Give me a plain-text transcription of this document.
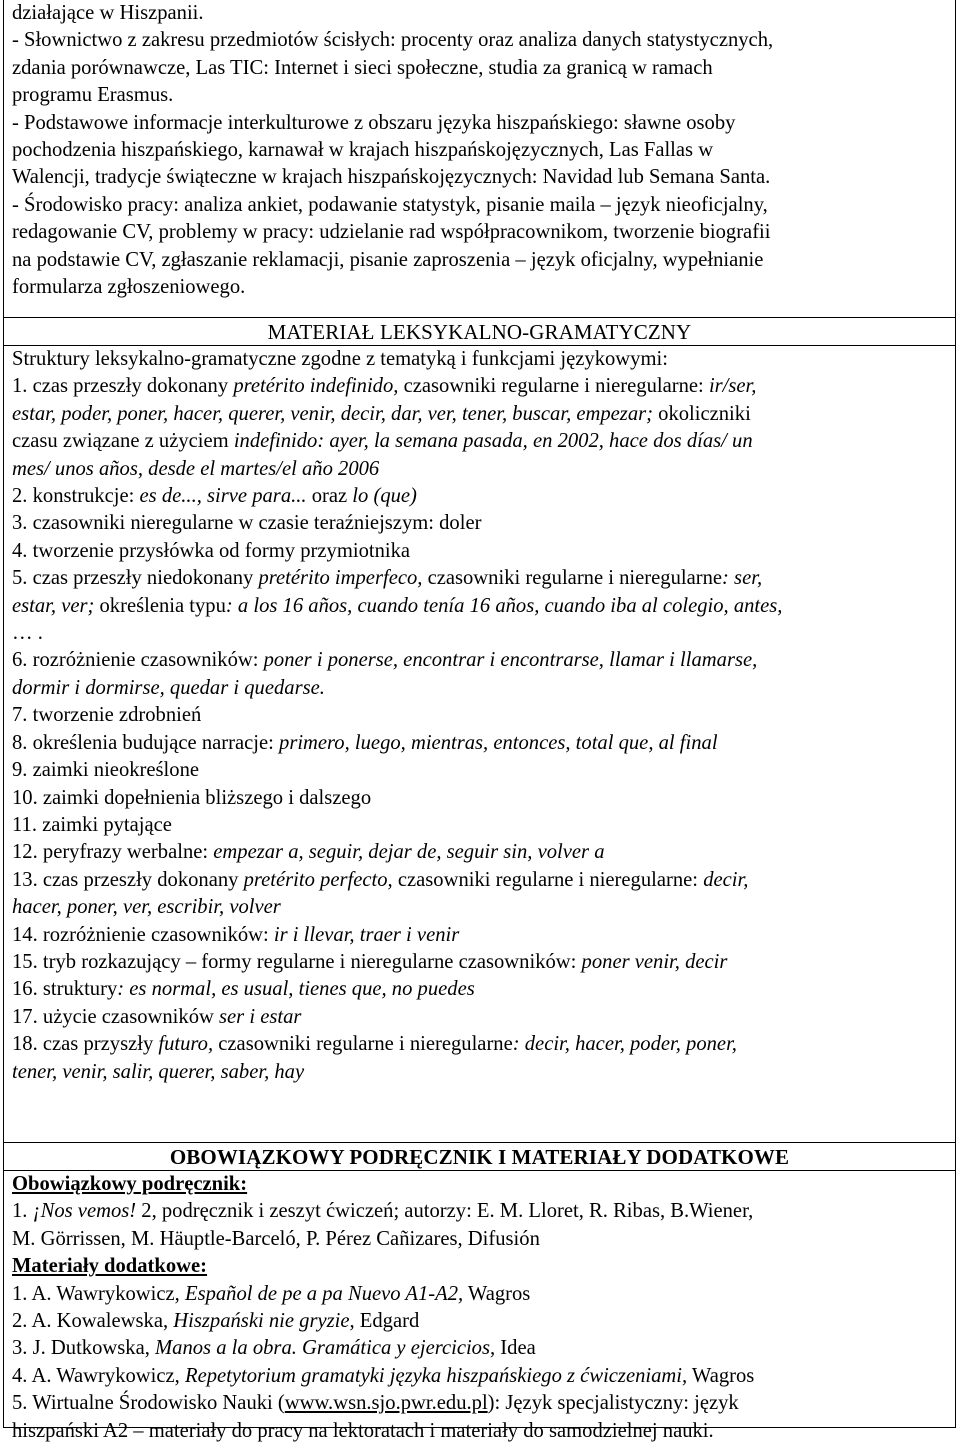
działające w Hiszpanii.
- Słownictwo z zakresu przedmiotów ścisłych: procenty oraz analiza danych statystycznych,
zdania porównawcze, Las TIC: Internet i sieci społeczne, studia za granicą w ramach
programu Erasmus.
- Podstawowe informacje interkulturowe z obszaru języka hiszpańskiego: sławne osoby
pochodzenia hiszpańskiego, karnawał w krajach hiszpańskojęzycznych, Las Fallas w
Walencji, tradycje świąteczne w krajach hiszpańskojęzycznych: Navidad lub Semana Santa.
- Środowisko pracy: analiza ankiet, podawanie statystyk, pisanie maila – język nieoficjalny,
redagowanie CV, problemy w pracy: udzielanie rad współpracownikom, tworzenie biografii
na podstawie CV, zgłaszanie reklamacji, pisanie zaproszenia – język oficjalny, wypełnianie
formularza zgłoszeniowego.
MATERIAŁ LEKSYKALNO-GRAMATYCZNY
Struktury leksykalno-gramatyczne zgodne z tematyką i funkcjami językowymi:
1. czas przeszły dokonany pretérito indefinido, czasowniki regularne i nieregularne: ir/ser,
estar, poder, poner, hacer, querer, venir, decir, dar, ver, tener, buscar, empezar; okoliczniki
czasu związane z użyciem indefinido: ayer, la semana pasada, en 2002, hace dos días/ un
mes/ unos años, desde el martes/el año 2006
2. konstrukcje: es de..., sirve para... oraz lo (que)
3. czasowniki nieregularne w czasie teraźniejszym: doler
4. tworzenie przysłówka od formy przymiotnika
5. czas przeszły niedokonany pretérito imperfeco, czasowniki regularne i nieregularne: ser,
estar, ver; określenia typu: a los 16 años, cuando tenía 16 años, cuando iba al colegio, antes,
… .
6. rozróżnienie czasowników: poner i ponerse, encontrar i encontrarse, llamar i llamarse,
dormir i dormirse, quedar i quedarse.
7. tworzenie zdrobnień
8. określenia budujące narracje: primero, luego, mientras, entonces, total que, al final
9. zaimki nieokreślone
10. zaimki dopełnienia bliższego i dalszego
11. zaimki pytające
12. peryfrazy werbalne: empezar a, seguir, dejar de, seguir sin, volver a
13. czas przeszły dokonany pretérito perfecto, czasowniki regularne i nieregularne: decir,
hacer, poner, ver, escribir, volver
14. rozróżnienie czasowników: ir i llevar, traer i venir
15. tryb rozkazujący – formy regularne i nieregularne czasowników: poner venir, decir
16. struktury: es normal, es usual, tienes que, no puedes
17. użycie czasowników ser i estar
18. czas przyszły futuro, czasowniki regularne i nieregularne: decir, hacer, poder, poner,
tener, venir, salir, querer, saber, hay
OBOWIĄZKOWY PODRĘCZNIK I MATERIAŁY DODATKOWE
Obowiązkowy podręcznik:
1. ¡Nos vemos! 2, podręcznik i zeszyt ćwiczeń; autorzy: E. M. Lloret, R. Ribas, B.Wiener,
M. Görrissen, M. Häuptle-Barceló, P. Pérez Cañizares, Difusión
Materiały dodatkowe:
1. A. Wawrykowicz, Español de pe a pa Nuevo A1-A2, Wagros
2. A. Kowalewska, Hiszpański nie gryzie, Edgard
3. J. Dutkowska, Manos a la obra. Gramática y ejercicios, Idea
4. A. Wawrykowicz, Repetytorium gramatyki języka hiszpańskiego z ćwiczeniami, Wagros
5. Wirtualne Środowisko Nauki (www.wsn.sjo.pwr.edu.pl): Język specjalistyczny: język
hiszpański A2 – materiały do pracy na lektoratach i materiały do samodzielnej nauki.
